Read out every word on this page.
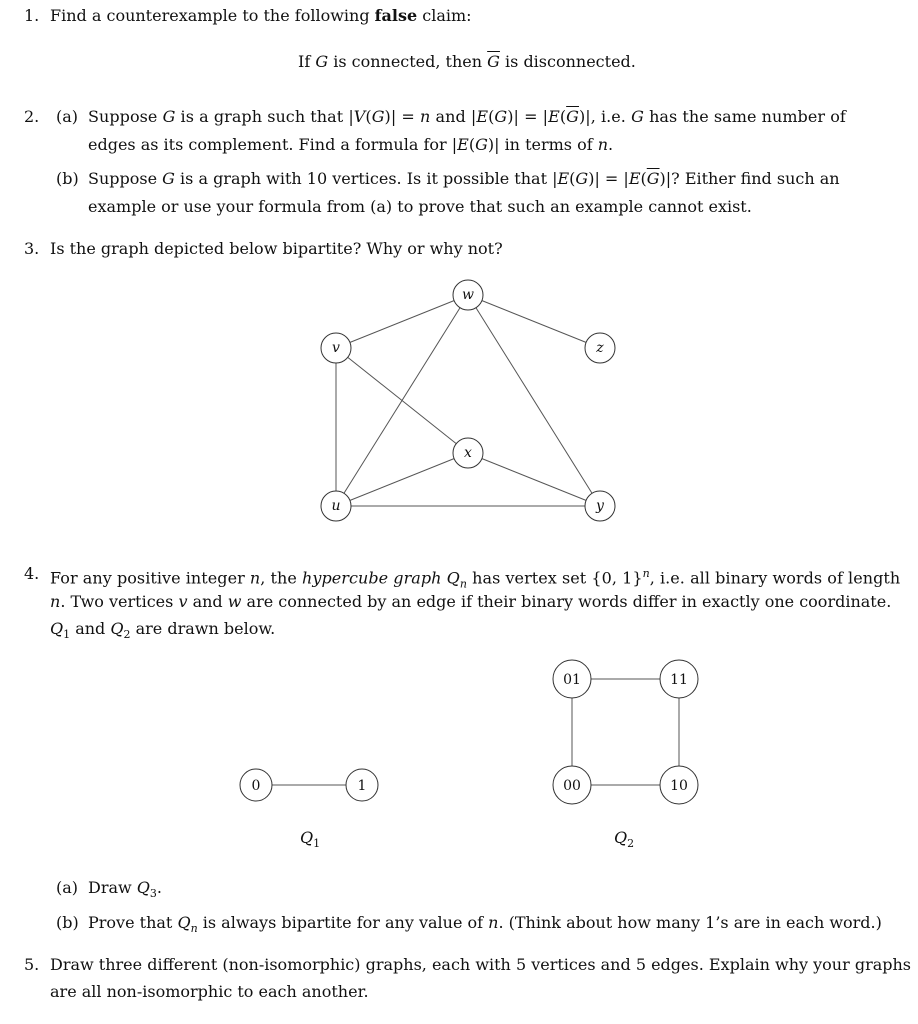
1. Find a counterexample to the following false claim:
If G is connected, then $\overline{G}$ is disconnected.
2. (a) Suppose G is a graph such that |V(G)| = n and $|E(G)| = |E(\overline{G})|$, i.e. G has the same number of
edges as its complement. Find a formula for |E(G)| in terms of n.
(b) Suppose G is a graph with 10 vertices. Is it possible that $|E(G)| = |E(\overline{G})|$? Either find such an
example or use your formula from (a) to prove that such an example cannot exist.
3. Is the graph depicted below bipartite? Why or why not?
w
v	z
x
u	y
0	1
01	11
00	10
4. For any positive integer n, the hypercube graph $Q_n$ has vertex set {0, 1}$^n$, i.e. all binary words of length
n. Two vertices v and w are connected by an edge if their binary words differ in exactly one coordinate.
$Q_1$ and $Q_2$ are drawn below.
$Q_1$	$Q_2$
(a) Draw $Q_3$.
(b) Prove that $Q_n$ is always bipartite for any value of n. (Think about how many 1’s are in each word.)
5. Draw three different (non-isomorphic) graphs, each with 5 vertices and 5 edges. Explain why your graphs
are all non-isomorphic to each another.
